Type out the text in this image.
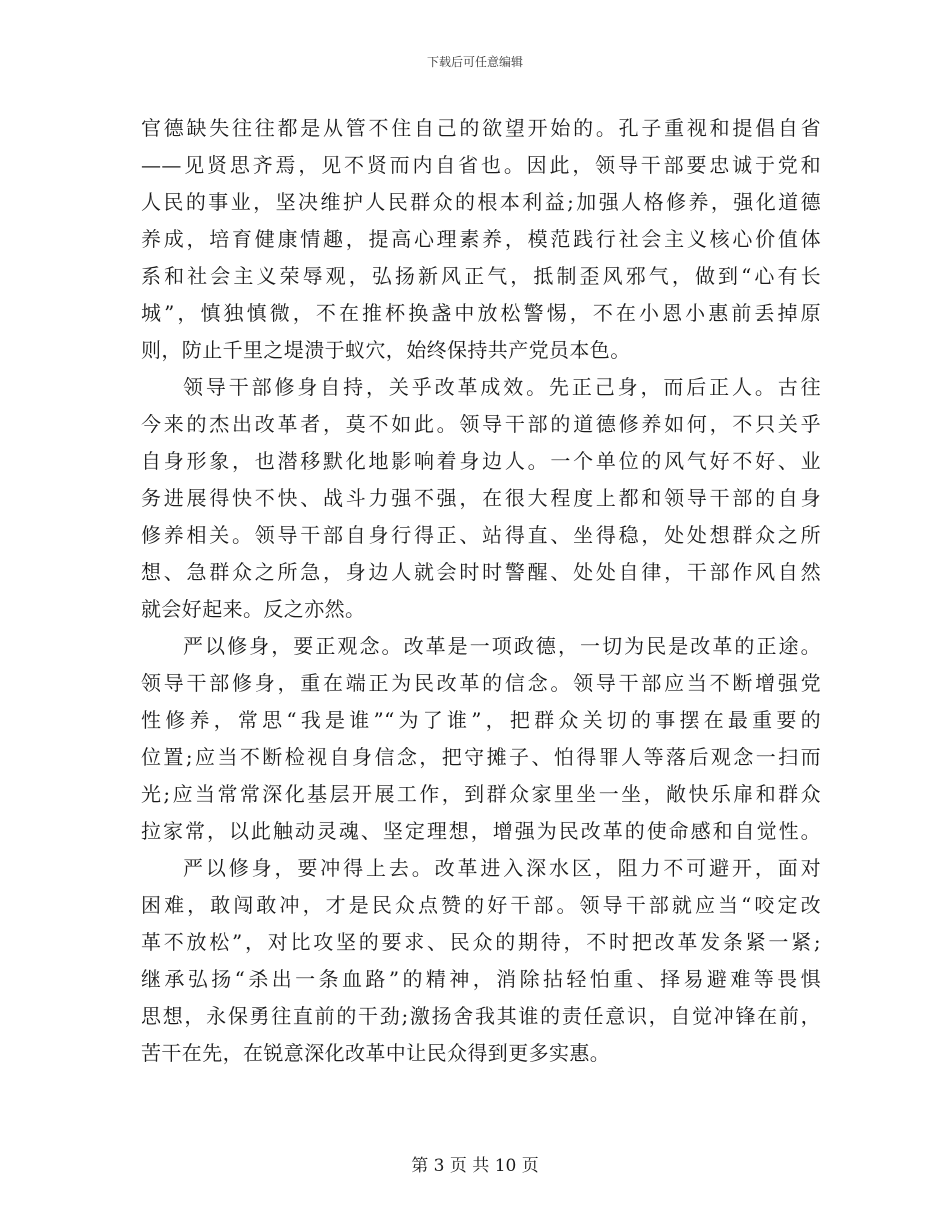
下载后可任意编辑
官德缺失往往都是从管不住自己的欲望开始的。孔子重视和提倡自省
——见贤思齐焉，见不贤而内自省也。因此，领导干部要忠诚于党和
人民的事业，坚决维护人民群众的根本利益;加强人格修养，强化道德
养成，培育健康情趣，提高心理素养，模范践行社会主义核心价值体
系和社会主义荣辱观，弘扬新风正气，抵制歪风邪气，做到“心有长
城”，慎独慎微，不在推杯换盏中放松警惕，不在小恩小惠前丢掉原
则，防止千里之堤溃于蚁穴，始终保持共产党员本色。
领导干部修身自持，关乎改革成效。先正己身，而后正人。古往
今来的杰出改革者，莫不如此。领导干部的道德修养如何，不只关乎
自身形象，也潜移默化地影响着身边人。一个单位的风气好不好、业
务进展得快不快、战斗力强不强，在很大程度上都和领导干部的自身
修养相关。领导干部自身行得正、站得直、坐得稳，处处想群众之所
想、急群众之所急，身边人就会时时警醒、处处自律，干部作风自然
就会好起来。反之亦然。
严以修身，要正观念。改革是一项政德，一切为民是改革的正途。
领导干部修身，重在端正为民改革的信念。领导干部应当不断增强党
性修养，常思“我是谁”“为了谁”，把群众关切的事摆在最重要的
位置;应当不断检视自身信念，把守摊子、怕得罪人等落后观念一扫而
光;应当常常深化基层开展工作，到群众家里坐一坐，敞快乐扉和群众
拉家常，以此触动灵魂、坚定理想，增强为民改革的使命感和自觉性。
严以修身，要冲得上去。改革进入深水区，阻力不可避开，面对
困难，敢闯敢冲，才是民众点赞的好干部。领导干部就应当“咬定改
革不放松”，对比攻坚的要求、民众的期待，不时把改革发条紧一紧;
继承弘扬“杀出一条血路”的精神，消除拈轻怕重、择易避难等畏惧
思想，永保勇往直前的干劲;激扬舍我其谁的责任意识，自觉冲锋在前，
苦干在先，在锐意深化改革中让民众得到更多实惠。
第 3 页 共 10 页
